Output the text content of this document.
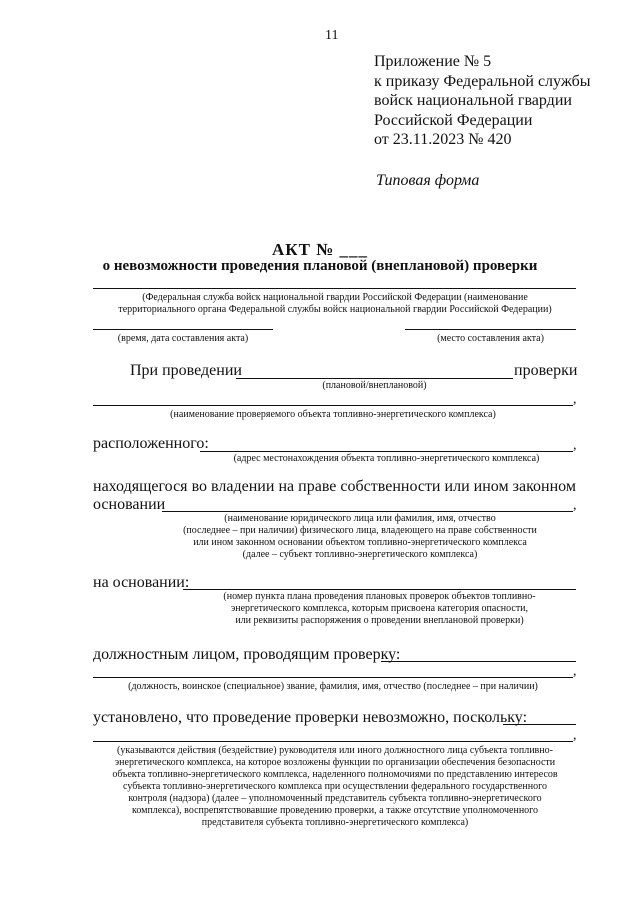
11
Приложение № 5
к приказу Федеральной службы
войск национальной гвардии
Российской Федерации
от 23.11.2023 № 420
Типовая форма
АКТ № ___
о невозможности проведения плановой (внеплановой) проверки
(Федеральная служба войск национальной гвардии Российской Федерации (наименование
территориального органа Федеральной службы войск национальной гвардии Российской Федерации)
(время, дата составления акта)	(место составления акта)
При проведении	проверки
(плановой/внеплановой)
,
(наименование проверяемого объекта топливно-энергетического комплекса)
расположенного:	,
(адрес местонахождения объекта топливно-энергетического комплекса)
находящегося во владении на праве собственности или ином законном
основании	,
(наименование юридического лица или фамилия, имя, отчество
(последнее – при наличии) физического лица, владеющего на праве собственности
или ином законном основании объектом топливно-энергетического комплекса
(далее – субъект топливно-энергетического комплекса)
на основании:
(номер пункта плана проведения плановых проверок объектов топливно-
энергетического комплекса, которым присвоена категория опасности,
или реквизиты распоряжения о проведении внеплановой проверки)
должностным лицом, проводящим проверку:
,
(должность, воинское (специальное) звание, фамилия, имя, отчество (последнее – при наличии)
установлено, что проведение проверки невозможно, поскольку:
,
(указываются действия (бездействие) руководителя или иного должностного лица субъекта топливно-
энергетического комплекса, на которое возложены функции по организации обеспечения безопасности
объекта топливно-энергетического комплекса, наделенного полномочиями по представлению интересов
субъекта топливно-энергетического комплекса при осуществлении федерального государственного
контроля (надзора) (далее – уполномоченный представитель субъекта топливно-энергетического
комплекса), воспрепятствовавшие проведению проверки, а также отсутствие уполномоченного
представителя субъекта топливно-энергетического комплекса)
